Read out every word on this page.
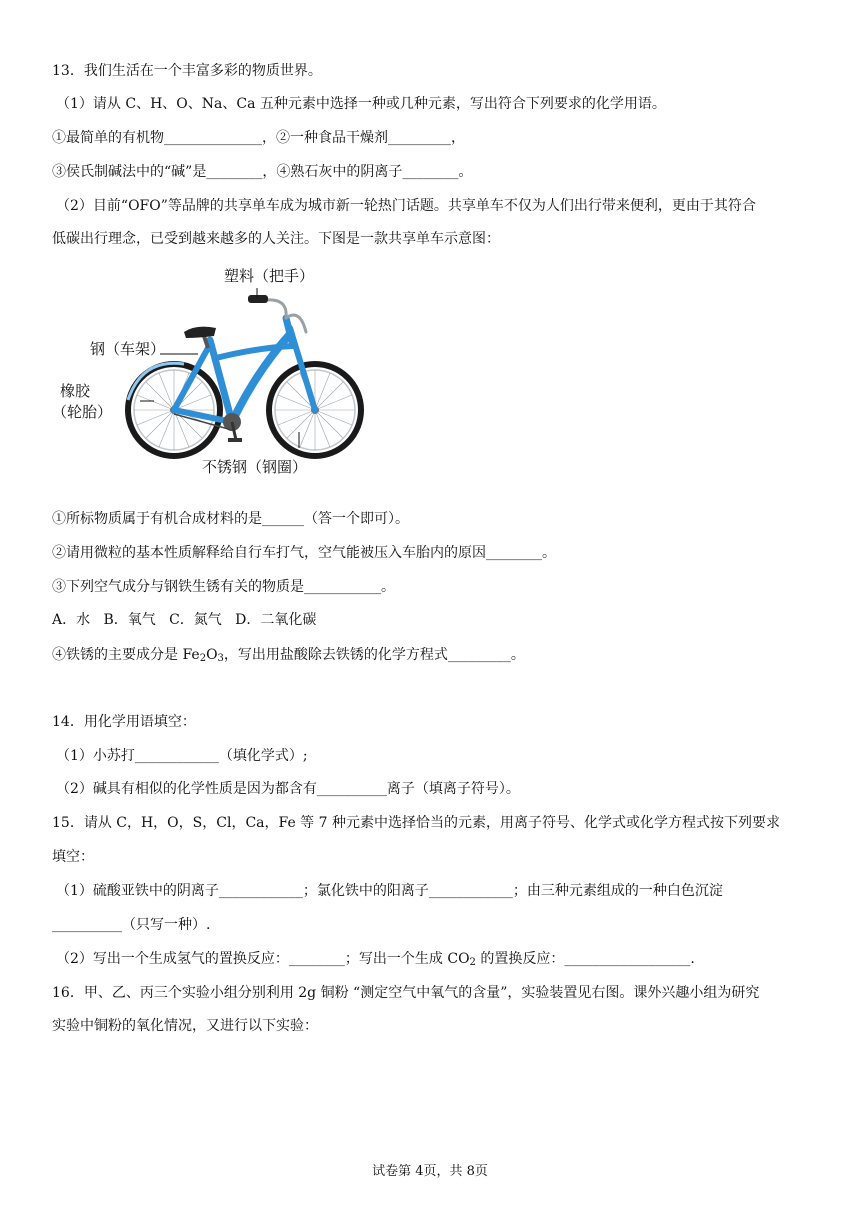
13．我们生活在一个丰富多彩的物质世界。
（1）请从 C、H、O、Na、Ca 五种元素中选择一种或几种元素，写出符合下列要求的化学用语。
①最简单的有机物______________，②一种食品干燥剂_________，
③侯氏制碱法中的“碱”是________，④熟石灰中的阴离子________。
（2）目前“OFO”等品牌的共享单车成为城市新一轮热门话题。共享单车不仅为人们出行带来便利，更由于其符合
低碳出行理念，已受到越来越多的人关注。下图是一款共享单车示意图：
塑料（把手）
钢（车架）
橡胶
（轮胎）
不锈钢（钢圈）
①所标物质属于有机合成材料的是______（答一个即可）。
②请用微粒的基本性质解释给自行车打气，空气能被压入车胎内的原因________。
③下列空气成分与钢铁生锈有关的物质是___________。
A．水   B．氧气   C．氮气   D．二氧化碳
④铁锈的主要成分是 $Fe_2O_3$，写出用盐酸除去铁锈的化学方程式_________。
14．用化学用语填空：
（1）小苏打____________（填化学式）;
（2）碱具有相似的化学性质是因为都含有__________离子（填离子符号）。
15．请从 C，H，O，S，Cl，Ca，Fe 等 7 种元素中选择恰当的元素，用离子符号、化学式或化学方程式按下列要求
填空：
（1）硫酸亚铁中的阴离子____________；氯化铁中的阳离子____________；由三种元素组成的一种白色沉淀
__________（只写一种）.
（2）写出一个生成氢气的置换反应：________；写出一个生成 $CO_2$ 的置换反应：__________________.
16．甲、乙、丙三个实验小组分别利用 2g 铜粉 “测定空气中氧气的含量”，实验装置见右图。课外兴趣小组为研究
实验中铜粉的氧化情况，又进行以下实验：
试卷第 4页，共 8页
